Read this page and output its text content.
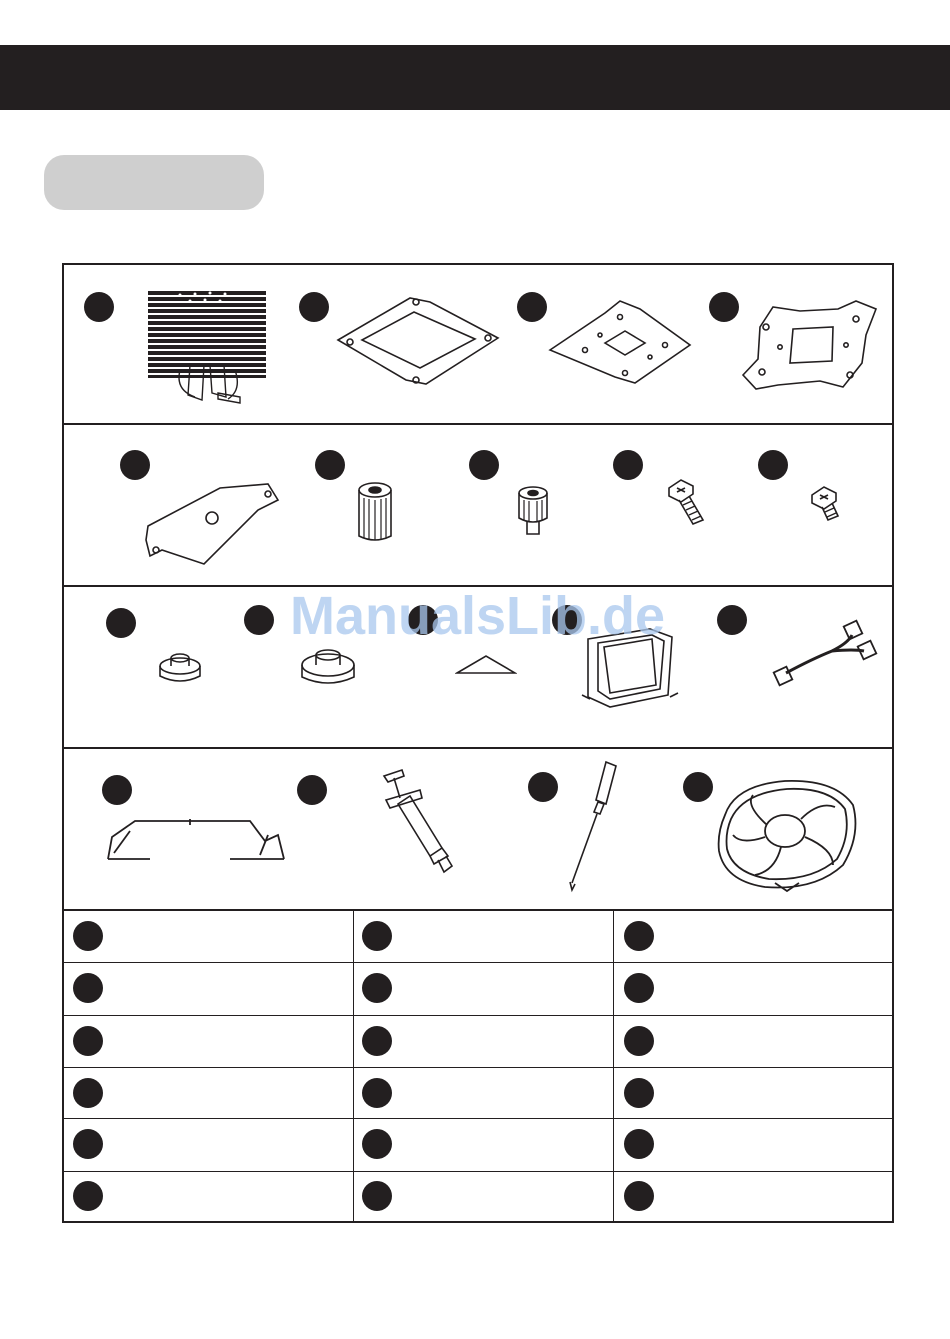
ManualsLib.de
